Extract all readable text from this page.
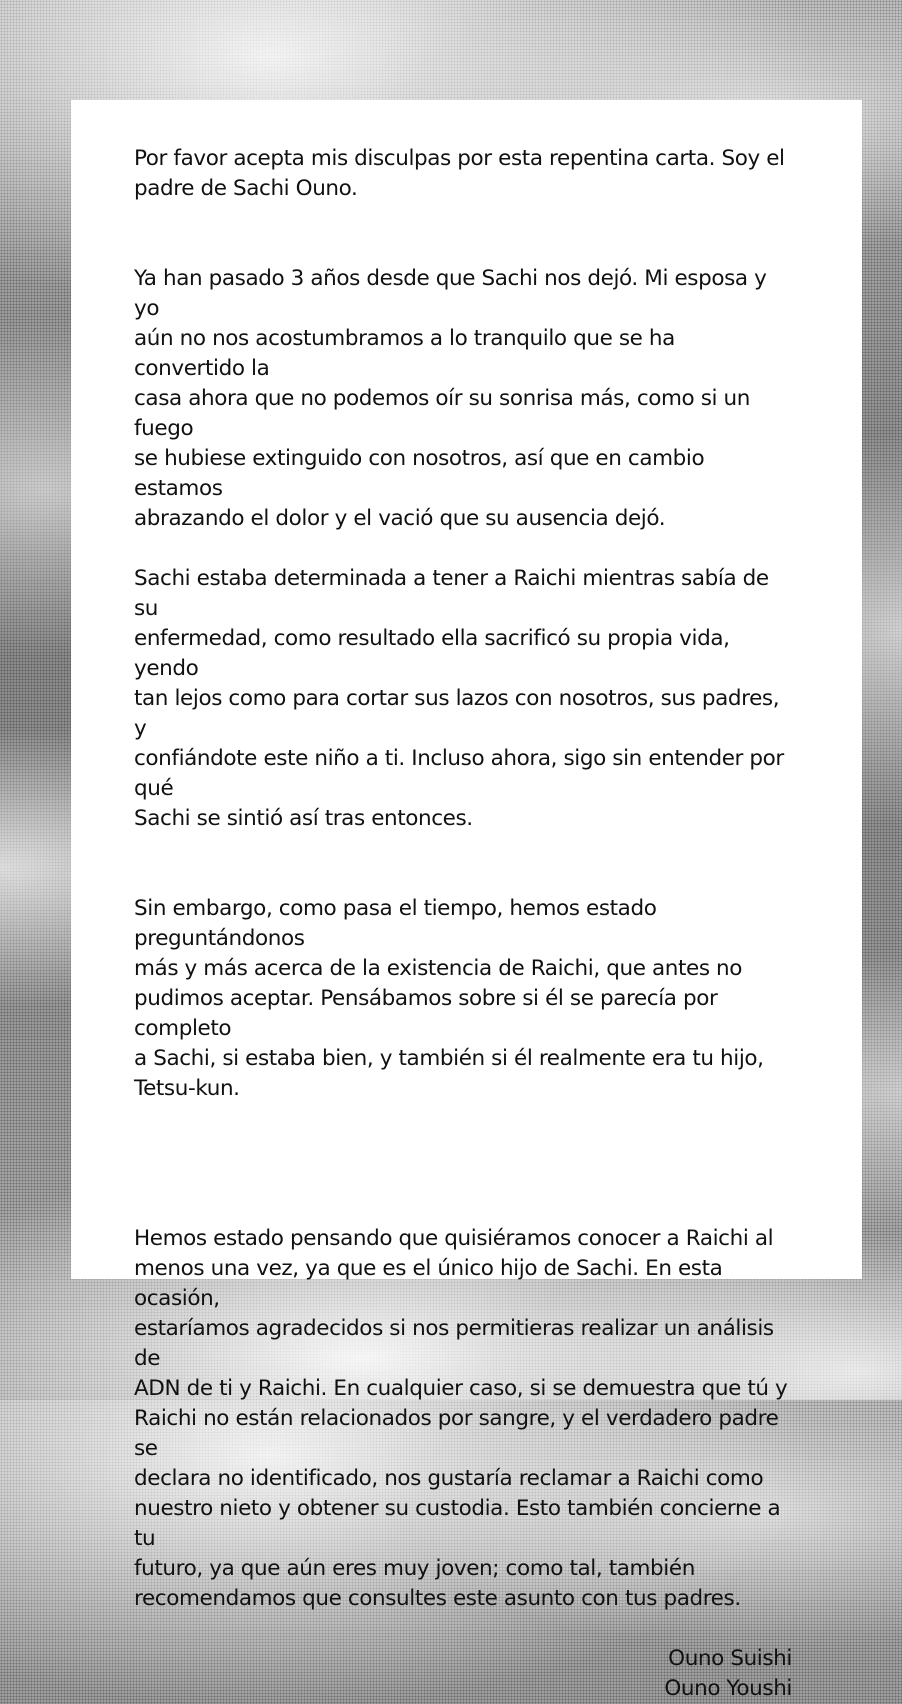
Por favor acepta mis disculpas por esta repentina carta. Soy el
padre de Sachi Ouno.

Ya han pasado 3 años desde que Sachi nos dejó. Mi esposa y yo
aún no nos acostumbramos a lo tranquilo que se ha convertido la
casa ahora que no podemos oír su sonrisa más, como si un fuego
se hubiese extinguido con nosotros, así que en cambio estamos
abrazando el dolor y el vació que su ausencia dejó.

Sachi estaba determinada a tener a Raichi mientras sabía de su
enfermedad, como resultado ella sacrificó su propia vida, yendo
tan lejos como para cortar sus lazos con nosotros, sus padres, y
confiándote este niño a ti. Incluso ahora, sigo sin entender por qué
Sachi se sintió así tras entonces.

Sin embargo, como pasa el tiempo, hemos estado preguntándonos
más y más acerca de la existencia de Raichi, que antes no
pudimos aceptar. Pensábamos sobre si él se parecía por completo
a Sachi, si estaba bien, y también si él realmente era tu hijo,
Tetsu-kun.

Hemos estado pensando que quisiéramos conocer a Raichi al
menos una vez, ya que es el único hijo de Sachi. En esta ocasión,
estaríamos agradecidos si nos permitieras realizar un análisis de
ADN de ti y Raichi. En cualquier caso, si se demuestra que tú y
Raichi no están relacionados por sangre, y el verdadero padre se
declara no identificado, nos gustaría reclamar a Raichi como
nuestro nieto y obtener su custodia. Esto también concierne a tu
futuro, ya que aún eres muy joven; como tal, también
recomendamos que consultes este asunto con tus padres.

Ouno Suishi
Ouno Youshi
